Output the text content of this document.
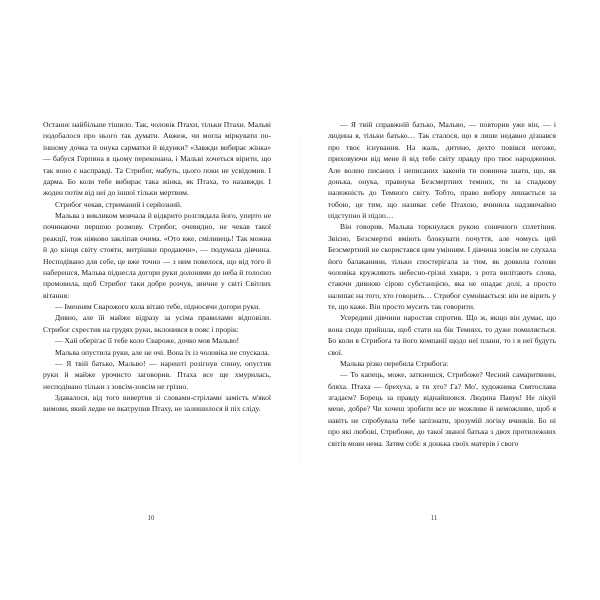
Останнє найбільше тішило. Так, чоловік Птахи, тільки Птахи. Мальві подобалося про нього так думати. Авжеж, чи могла міркувати по-іншому дочка та онука сарматки й відунки? «Завжди вибирає жінка» — бабуся Горпина в цьому переконана, і Мальві хочеться вірити, що так воно є насправді. Та Стрибог, мабуть, цього поки не усвідомив. І дарма. Бо коли тебе вибирає така жінка, як Птаха, то назавжди. І жоден потім від неї до іншої тільки мертвим.

Стрибог чекав, стриманий і серйозний.

Мальва з викликом мовчала й відкрито розглядала його, уперто не починаючи першою розмову. Стрибог, очевидно, не чекав такої реакції, тож ніяково закліпав очима. «Ото вже, сміливець! Так можна й до кінця світу стояти, витрішки продаючи», — подумала дівчина. Несподівано для себе, це вже точно — з ним повелося, що від того й наберешся, Мальва піднесла догори руки долонями до неба й голосно промовила, щоб Стрибог таки добре розчув, звичне у світі Світлих вітання:

— Іменням Сварожого кола вітаю тебе, підносячи догори руки.

Дивно, але їй майже відразу за усіма правилами відповіли. Стрибог схрестив на грудях руки, вклонився в пояс і прорік:

— Хай оберігає її тебе коло Свароже, дочко моя Мальво!

Мальва опустила руки, але не очі. Вона їх із чоловіка не спускала.

— Я твій батько, Мальво! — нарешті розігнув спину, опустив руки й майже урочисто заговорив. Птаха все ще хмурилась, несподівано тільки з зовсім-зовсім не грізно.

Здавалося, від того вивертня зі словами-стрілами замість м'якої вимови, який ледве не вкатрупив Птаху, не залишилося й піх сліду.

10

— Я твій справжній батько, Мальво, — повторив уже він, — і людина я, тільки батько… Так сталося, що я лише недавно дізнався про твоє існування. На жаль, дитино, дехто повівся негоже, приховуючи від мене й від тебе світу правду про твоє народження. Але волею писаних і неписаних законів ти повинна знати, що, як донька, онука, правнука Безсмертних темних, ти за спадкову належність до Темного світу. Тобто, право вибору лишається за тобою, це тим, що називає себе Птахою, вчинила надзвичайно підступно й підло…

Він говорив. Мальва торкнулася рукою сонячного сплетіння. Звісно, Безсмертні вміють блокувати почуття, але чомусь цей Безсмертний не скористався цим умінням. І дівчина зовсім не слухала його балаканини, тільки спостерігала за тим, як довкола голови чоловіка кружляють небесно-грізні хмари, з рота вилітають слова, стаючи дивною сірою субстанцією, яка не опадає долі, а просто налипає на того, хто говорить… Стрибог сумнівається: він не вірить у те, що каже. Він просто мусить так говорити.

Усередині дівчини наростав спротив. Що ж, якщо він думає, що вона сюди прийшла, щоб стати на бік Темних, то дуже помиляється. Бо коли в Стрибога та його компанії щодо неї плани, то і в неї будуть свої.

Мальва різко перебила Стрибога:

— То капець, може, заткнешся, Стрибоже? Чесний самаритянин, бляха. Птаха — брехуха, а ти хто? Га? Мо', художника Святослава згадаєм? Борець за правду віднайшовся. Людина Павук! Не лікуй мене, добре? Чи хочеш зробити все не можливе й неможливе, щоб я навіть не спробувала тебе запізнати, зрозумій логіку вчинків. Бо ні про які любові, Стрибоже, до такої званої батька з двох протилежних світів мови нема. Затям собі: я донька своїх матерів і свого

11
